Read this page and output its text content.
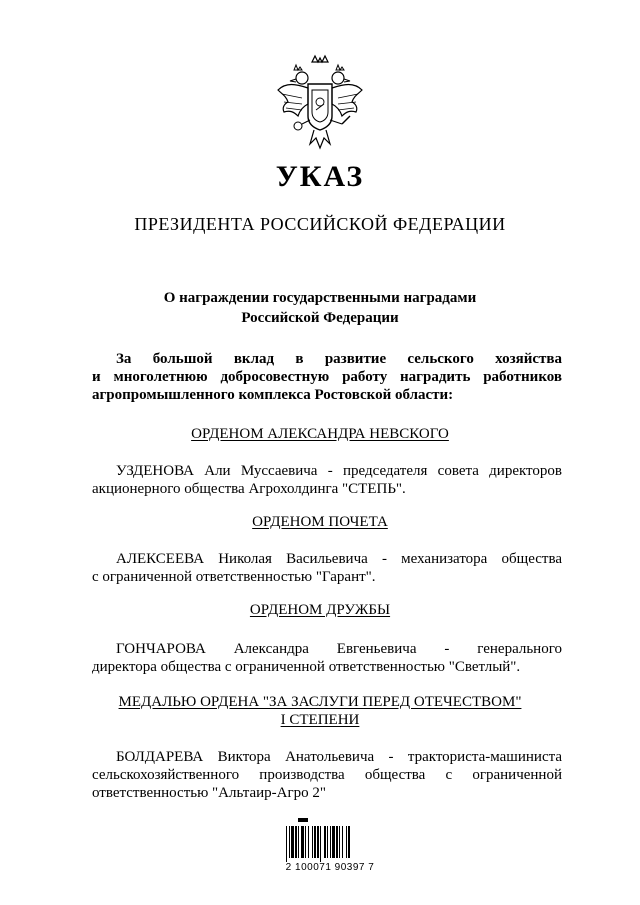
УКАЗ
ПРЕЗИДЕНТА РОССИЙСКОЙ ФЕДЕРАЦИИ
О награждении государственными наградами
Российской Федерации
За большой вклад в развитие сельского хозяйства
и многолетнюю добросовестную работу наградить работников
агропромышленного комплекса Ростовской области:
ОРДЕНОМ АЛЕКСАНДРА НЕВСКОГО
УЗДЕНОВА Али Муссаевича - председателя совета директоров
акционерного общества Агрохолдинга "СТЕПЬ".
ОРДЕНОМ ПОЧЕТА
АЛЕКСЕЕВА Николая Васильевича - механизатора общества
с ограниченной ответственностью "Гарант".
ОРДЕНОМ ДРУЖБЫ
ГОНЧАРОВА Александра Евгеньевича - генерального
директора общества с ограниченной ответственностью "Светлый".
МЕДАЛЬЮ ОРДЕНА "ЗА ЗАСЛУГИ ПЕРЕД ОТЕЧЕСТВОМ"
I СТЕПЕНИ
БОЛДАРЕВА Виктора Анатольевича - тракториста-машиниста
сельскохозяйственного производства общества с ограниченной
ответственностью "Альтаир-Агро 2"
2 100071 90397 7
